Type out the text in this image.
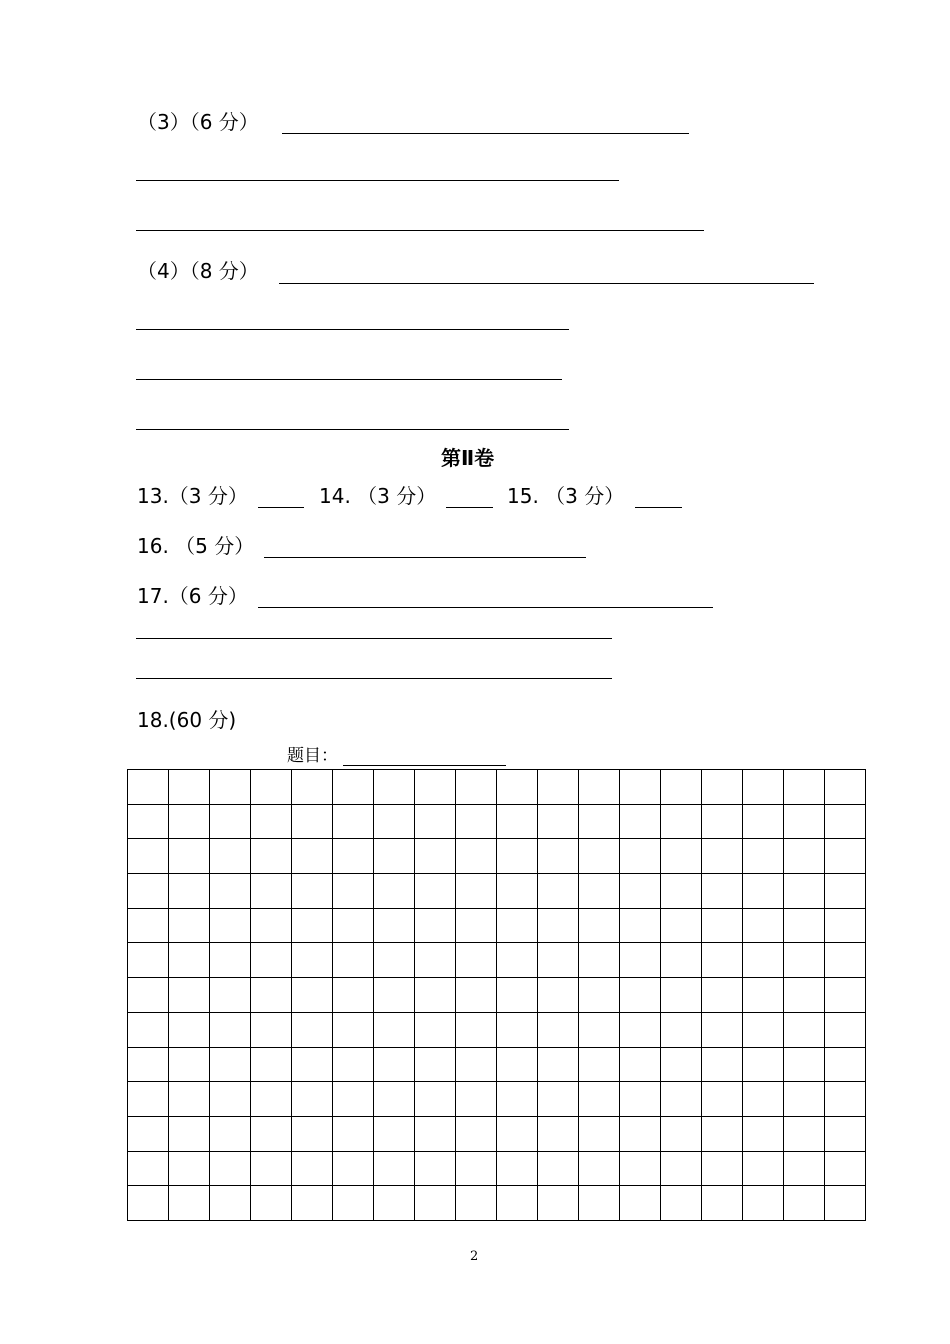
（3）（6 分）
（4）（8 分）
第Ⅱ卷
13.（3 分）	14. （3 分）	15. （3 分）
16. （5 分）
17.（6 分）
18.(60 分)
题目：

2
